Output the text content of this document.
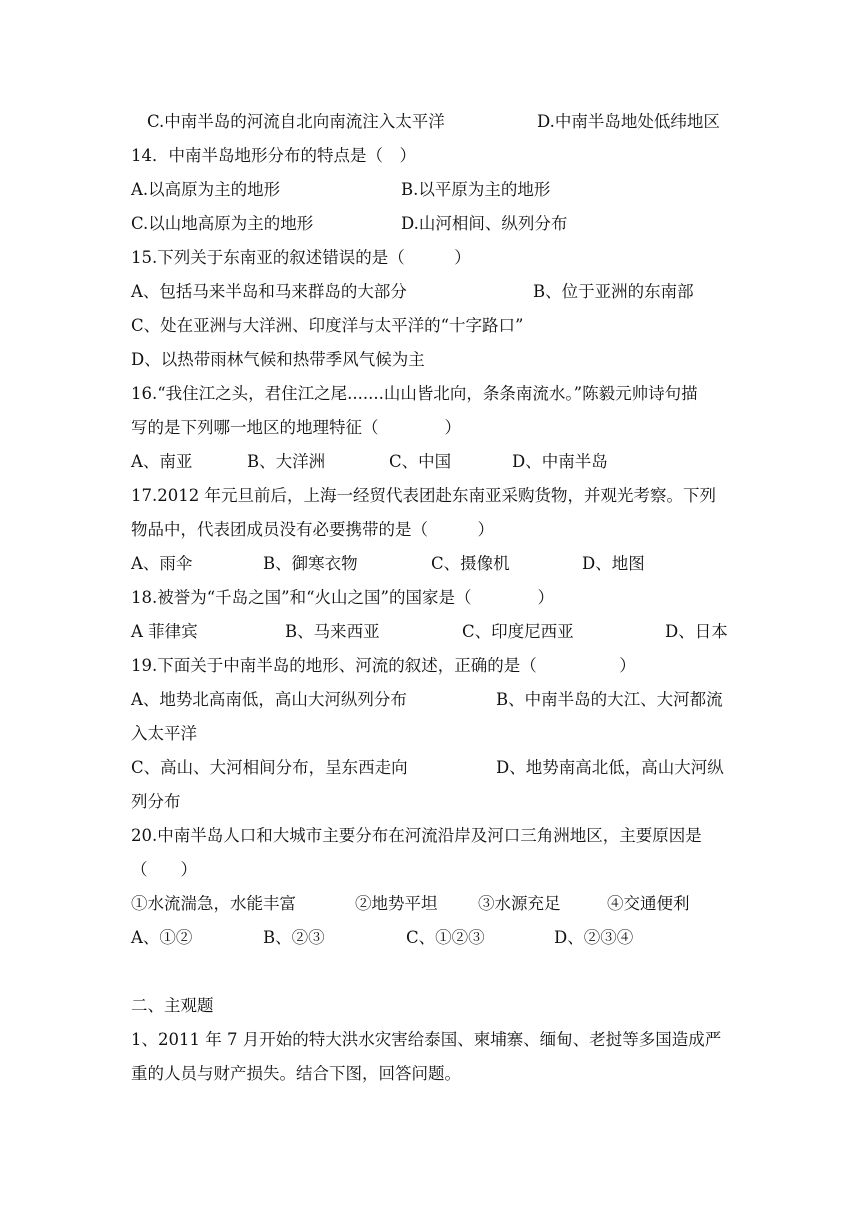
C.中南半岛的河流自北向南流注入太平洋	D.中南半岛地处低纬地区
14．中南半岛地形分布的特点是（　）
A.以高原为主的地形	B.以平原为主的地形
C.以山地高原为主的地形	D.山河相间、纵列分布
15.下列关于东南亚的叙述错误的是（　　　）
A、包括马来半岛和马来群岛的大部分	B、位于亚洲的东南部
C、处在亚洲与大洋洲、印度洋与太平洋的“十字路口”
D、以热带雨林气候和热带季风气候为主
16.“我住江之头，君住江之尾.......山山皆北向，条条南流水。”陈毅元帅诗句描
写的是下列哪一地区的地理特征（　　　　）
A、南亚	B、大洋洲	C、中国	D、中南半岛
17.2012 年元旦前后，上海一经贸代表团赴东南亚采购货物，并观光考察。下列
物品中，代表团成员没有必要携带的是（　　　）
A、雨伞	B、御寒衣物	C、摄像机	D、地图
18.被誉为“千岛之国”和“火山之国”的国家是（　　　　）
A 菲律宾	B、马来西亚	C、印度尼西亚	D、日本
19.下面关于中南半岛的地形、河流的叙述，正确的是（　　　　　）
A、地势北高南低，高山大河纵列分布	B、中南半岛的大江、大河都流
入太平洋
C、高山、大河相间分布，呈东西走向	D、地势南高北低，高山大河纵
列分布
20.中南半岛人口和大城市主要分布在河流沿岸及河口三角洲地区，主要原因是
（　　）
①水流湍急，水能丰富	②地势平坦 ③水源充足	④交通便利
A、①②	B、②③	C、①②③	D、②③④
二、主观题
1、2011 年 7 月开始的特大洪水灾害给泰国、柬埔寨、缅甸、老挝等多国造成严
重的人员与财产损失。结合下图，回答问题。
